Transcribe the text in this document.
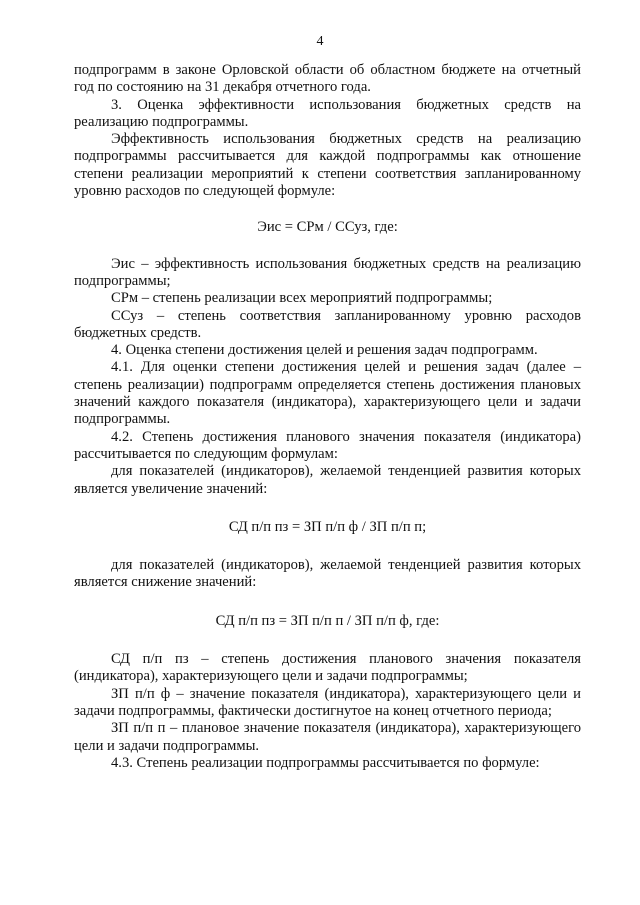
4

подпрограмм в законе Орловской области об областном бюджете на отчетный год по состоянию на 31 декабря отчетного года.

3. Оценка эффективности использования бюджетных средств на реализацию подпрограммы.

Эффективность использования бюджетных средств на реализацию подпрограммы рассчитывается для каждой подпрограммы как отношение степени реализации мероприятий к степени соответствия запланированному уровню расходов по следующей формуле:

Эис = СРм / ССуз, где:

Эис – эффективность использования бюджетных средств на реализацию подпрограммы;

СРм – степень реализации всех мероприятий подпрограммы;

ССуз – степень соответствия запланированному уровню расходов бюджетных средств.

4. Оценка степени достижения целей и решения задач подпрограмм.

4.1. Для оценки степени достижения целей и решения задач (далее – степень реализации) подпрограмм определяется степень достижения плановых значений каждого показателя (индикатора), характеризующего цели и задачи подпрограммы.

4.2. Степень достижения планового значения показателя (индикатора) рассчитывается по следующим формулам:

для показателей (индикаторов), желаемой тенденцией развития которых является увеличение значений:

СД п/п пз = ЗП п/п ф / ЗП п/п п;

для показателей (индикаторов), желаемой тенденцией развития которых является снижение значений:

СД п/п пз = ЗП п/п п / ЗП п/п ф, где:

СД п/п пз – степень достижения планового значения показателя (индикатора), характеризующего цели и задачи подпрограммы;

ЗП п/п ф – значение показателя (индикатора), характеризующего цели и задачи подпрограммы, фактически достигнутое на конец отчетного периода;

ЗП п/п п – плановое значение показателя (индикатора), характеризующего цели и задачи подпрограммы.

4.3. Степень реализации подпрограммы рассчитывается по формуле:
